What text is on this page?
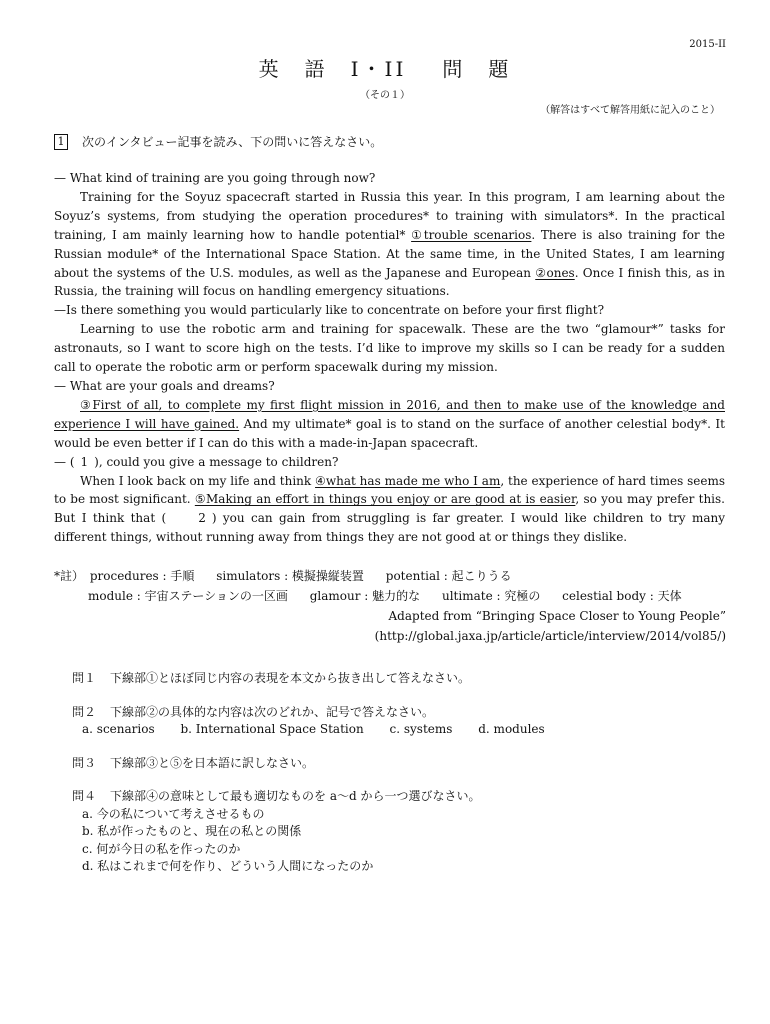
2015-II
英　語　I・II 問　題
（その１）
（解答はすべて解答用紙に記入のこと）
1 次のインタビュー記事を読み、下の問いに答えなさい。

— What kind of training are you going through now?

Training for the Soyuz spacecraft started in Russia this year. In this program, I am learning about the Soyuz’s systems, from studying the operation procedures* to training with simulators*. In the practical training, I am mainly learning how to handle potential* ①trouble scenarios. There is also training for the Russian module* of the International Space Station. At the same time, in the United States, I am learning about the systems of the U.S. modules, as well as the Japanese and European ②ones. Once I finish this, as in Russia, the training will focus on handling emergency situations.

—Is there something you would particularly like to concentrate on before your first flight?

Learning to use the robotic arm and training for spacewalk. These are the two “glamour*” tasks for astronauts, so I want to score high on the tests. I’d like to improve my skills so I can be ready for a sudden call to operate the robotic arm or perform spacewalk during my mission.

— What are your goals and dreams?

③First of all, to complete my first flight mission in 2016, and then to make use of the knowledge and experience I will have gained. And my ultimate* goal is to stand on the surface of another celestial body*. It would be even better if I can do this with a made-in-Japan spacecraft.

— ( 1 ), could you give a message to children?

When I look back on my life and think ④what has made me who I am, the experience of hard times seems to be most significant. ⑤Making an effort in things you enjoy or are good at is easier, so you may prefer this. But I think that (	2 ) you can gain from struggling is far greater. I would like children to try many different things, without running away from things they are not good at or things they dislike.

*註） procedures : 手順 simulators : 模擬操縦装置 potential : 起こりうる
module : 宇宙ステーションの一区画 glamour : 魅力的な ultimate : 究極の celestial body : 天体
Adapted from “Bringing Space Closer to Young People”
(http://global.jaxa.jp/article/article/interview/2014/vol85/)
問１ 下線部①とほぼ同じ内容の表現を本文から抜き出して答えなさい。
問２ 下線部②の具体的な内容は次のどれか、記号で答えなさい。
a. scenarios b. International Space Station c. systems d. modules
問３ 下線部③と⑤を日本語に訳しなさい。
問４ 下線部④の意味として最も適切なものを a〜d から一つ選びなさい。
a. 今の私について考えさせるもの
b. 私が作ったものと、現在の私との関係
c. 何が今日の私を作ったのか
d. 私はこれまで何を作り、どういう人間になったのか
